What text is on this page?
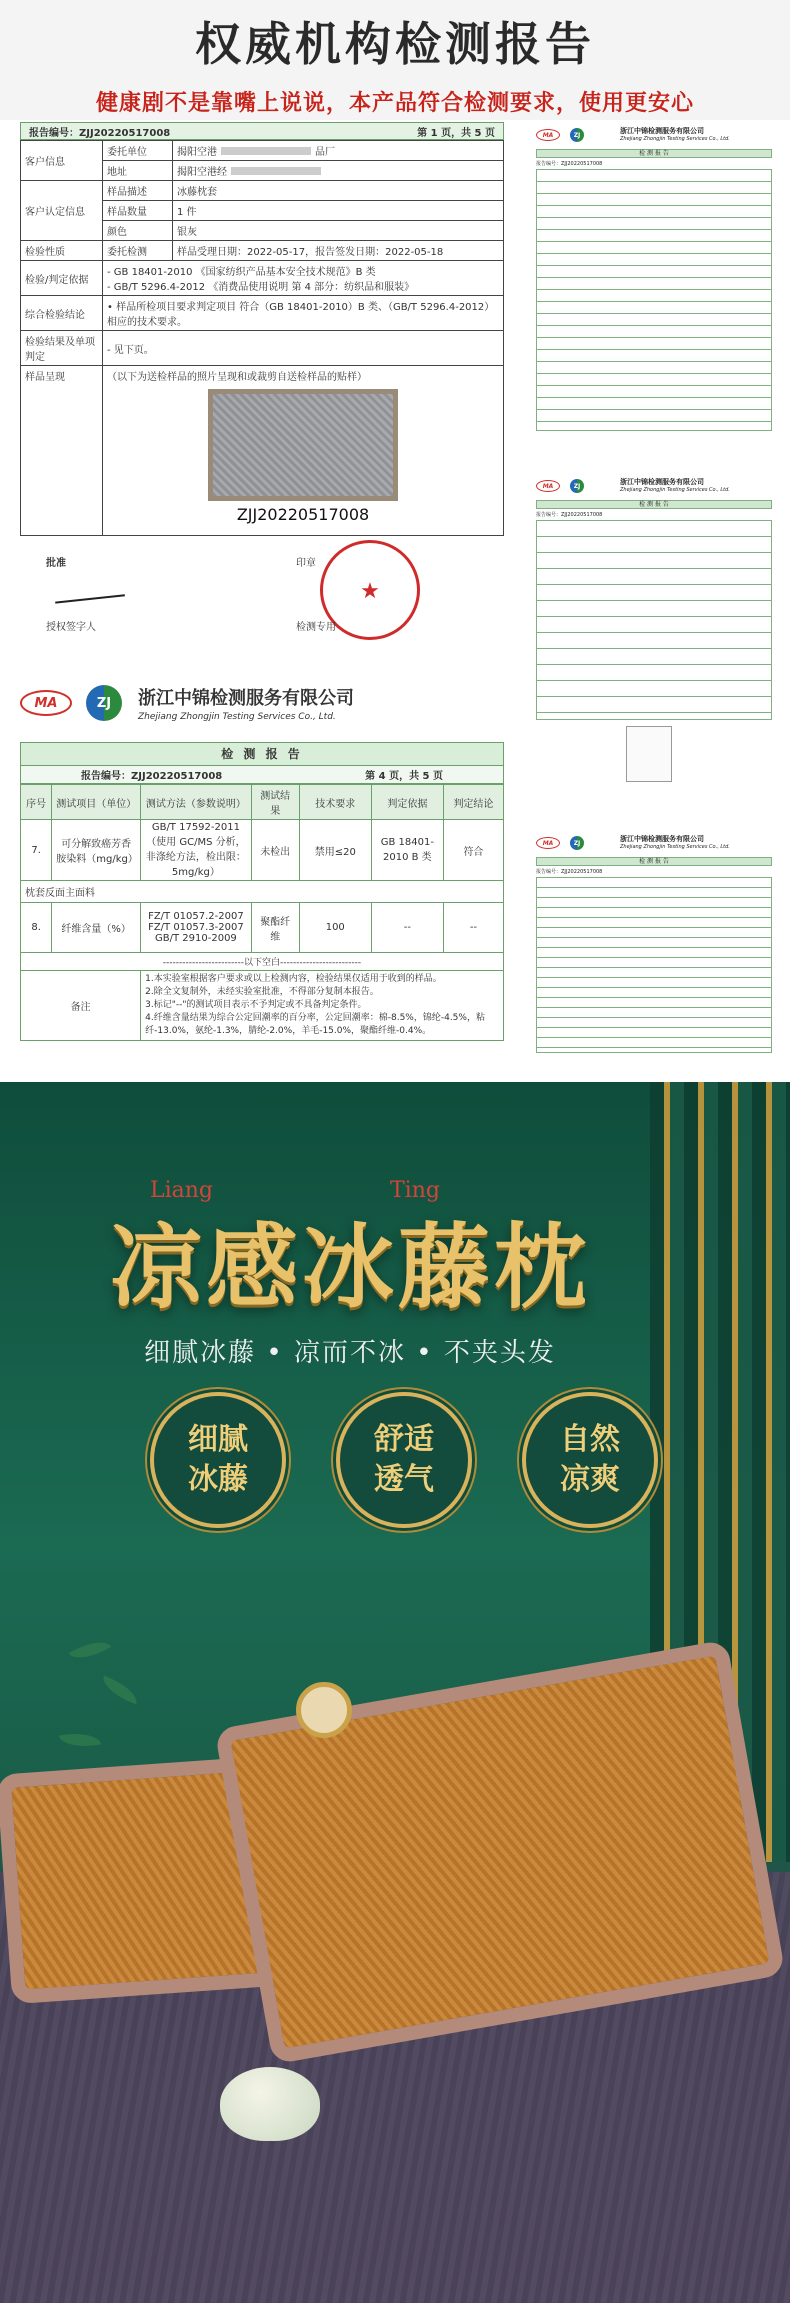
权威机构检测报告
健康剧不是靠嘴上说说，本产品符合检测要求，使用更安心
报告编号：ZJJ20220517008	第 1 页，共 5 页
客户信息	委托单位	揭阳空港 品厂
	地址	揭阳空港经
客户认定信息	样品描述	冰藤枕套
	样品数量	1 件
	颜色	银灰
检验性质	委托检测	样品受理日期：2022-05-17，报告签发日期：2022-05-18
检验/判定依据	- GB 18401-2010 《国家纺织产品基本安全技术规范》B 类
- GB/T 5296.4-2012 《消费品使用说明 第 4 部分：纺织品和服装》	

综合检验结论	• 样品所检项目要求判定项目 符合（GB 18401-2010）B 类、（GB/T 5296.4-2012）相应的技术要求。	
检验结果及单项判定	- 见下页。	
样品呈现	（以下为送检样品的照片呈现和或裁剪自送检样品的贴样）
ZJJ20220517008	
批准
授权签字人
印章
★
检测专用
MA	ZJ	浙江中锦检测服务有限公司
Zhejiang Zhongjin Testing Services Co., Ltd.
检 测 报 告
报告编号：ZJJ20220517008	第 4 页，共 5 页
序号	测试项目（单位）	测试方法（参数说明）	测试结果	技术要求	判定依据	判定结论
7.	可分解致癌芳香胺染料（mg/kg）	GB/T 17592-2011（使用 GC/MS 分析，非涤纶方法，检出限：5mg/kg）	未检出	禁用≤20	GB 18401-2010 B 类	符合
枕套反面主面料						
8.	纤维含量（%）	FZ/T 01057.2-2007 FZ/T 01057.3-2007 GB/T 2910-2009	聚酯纤维	100	--	--
-------------------------以下空白-------------------------						
备注		1.本实验室根据客户要求或以上检测内容，检验结果仅适用于收到的样品。
2.除全文复制外，未经实验室批准，不得部分复制本报告。
3.标记"--"的测试项目表示不予判定或不具备判定条件。
4.纤维含量结果为综合公定回潮率的百分率，公定回潮率：棉-8.5%，锦纶-4.5%，粘纤-13.0%，氨纶-1.3%，腈纶-2.0%，羊毛-15.0%，聚酯纤维-0.4%。				
MA	ZJ	浙江中锦检测服务有限公司
Zhejiang Zhongjin Testing Services Co., Ltd.
检 测 报 告
报告编号：ZJJ20220517008
MA	ZJ	浙江中锦检测服务有限公司
Zhejiang Zhongjin Testing Services Co., Ltd.
检 测 报 告
报告编号：ZJJ20220517008
MA	ZJ	浙江中锦检测服务有限公司
Zhejiang Zhongjin Testing Services Co., Ltd.
检 测 报 告
报告编号：ZJJ20220517008
Liang	Ting
凉感冰藤枕
细腻冰藤 • 凉而不冰 • 不夹头发
细腻
冰藤
舒适
透气
自然
凉爽
